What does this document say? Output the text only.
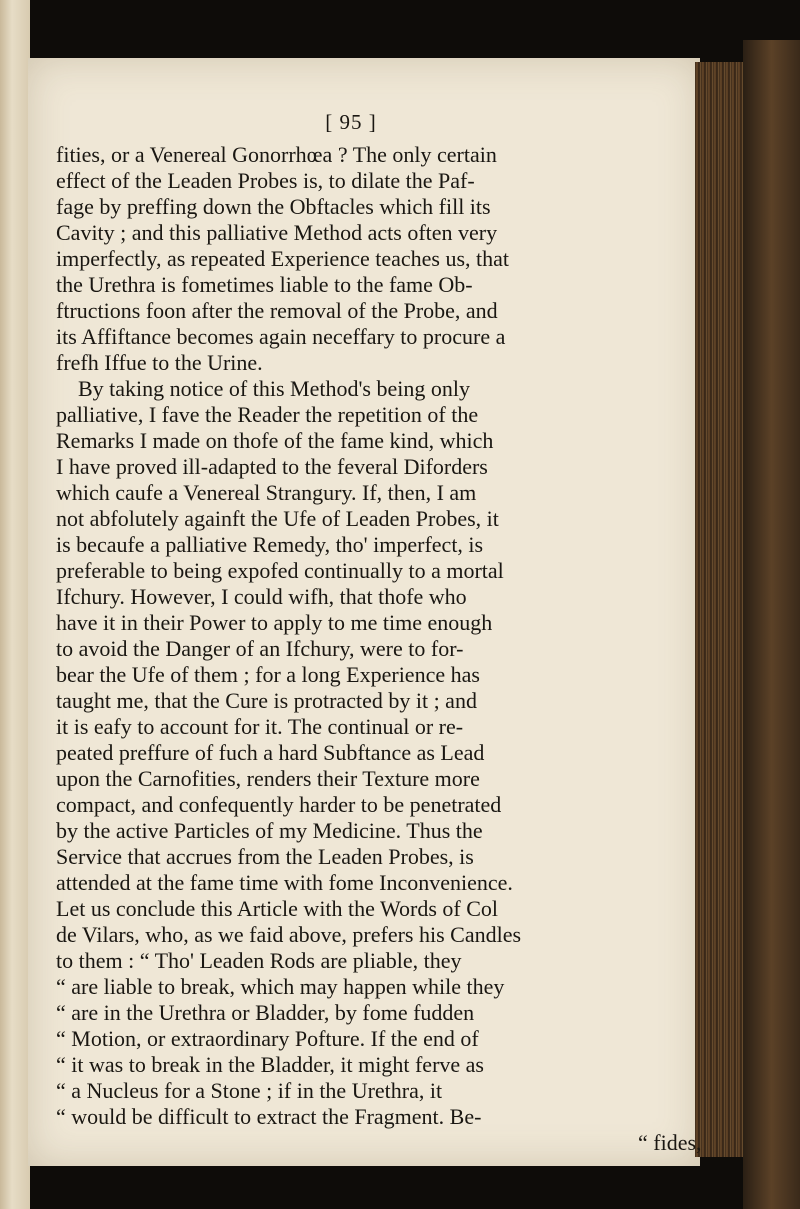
[ 95 ]
fities, or a Venereal Gonorrhœa ? The only certain
effect of the Leaden Probes is, to dilate the Paf-
fage by preffing down the Obftacles which fill its
Cavity ; and this palliative Method acts often very
imperfectly, as repeated Experience teaches us, that
the Urethra is fometimes liable to the fame Ob-
ftructions foon after the removal of the Probe, and
its Affiftance becomes again neceffary to procure a
frefh Iffue to the Urine.
By taking notice of this Method's being only
palliative, I fave the Reader the repetition of the
Remarks I made on thofe of the fame kind, which
I have proved ill-adapted to the feveral Diforders
which caufe a Venereal Strangury. If, then, I am
not abfolutely againft the Ufe of Leaden Probes, it
is becaufe a palliative Remedy, tho' imperfect, is
preferable to being expofed continually to a mortal
Ifchury. However, I could wifh, that thofe who
have it in their Power to apply to me time enough
to avoid the Danger of an Ifchury, were to for-
bear the Ufe of them ; for a long Experience has
taught me, that the Cure is protracted by it ; and
it is eafy to account for it. The continual or re-
peated preffure of fuch a hard Subftance as Lead
upon the Carnofities, renders their Texture more
compact, and confequently harder to be penetrated
by the active Particles of my Medicine. Thus the
Service that accrues from the Leaden Probes, is
attended at the fame time with fome Inconvenience.
Let us conclude this Article with the Words of Col
de Vilars, who, as we faid above, prefers his Candles
to them : “ Tho' Leaden Rods are pliable, they
“ are liable to break, which may happen while they
“ are in the Urethra or Bladder, by fome fudden
“ Motion, or extraordinary Pofture. If the end of
“ it was to break in the Bladder, it might ferve as
“ a Nucleus for a Stone ; if in the Urethra, it
“ would be difficult to extract the Fragment. Be-
“ fides,
